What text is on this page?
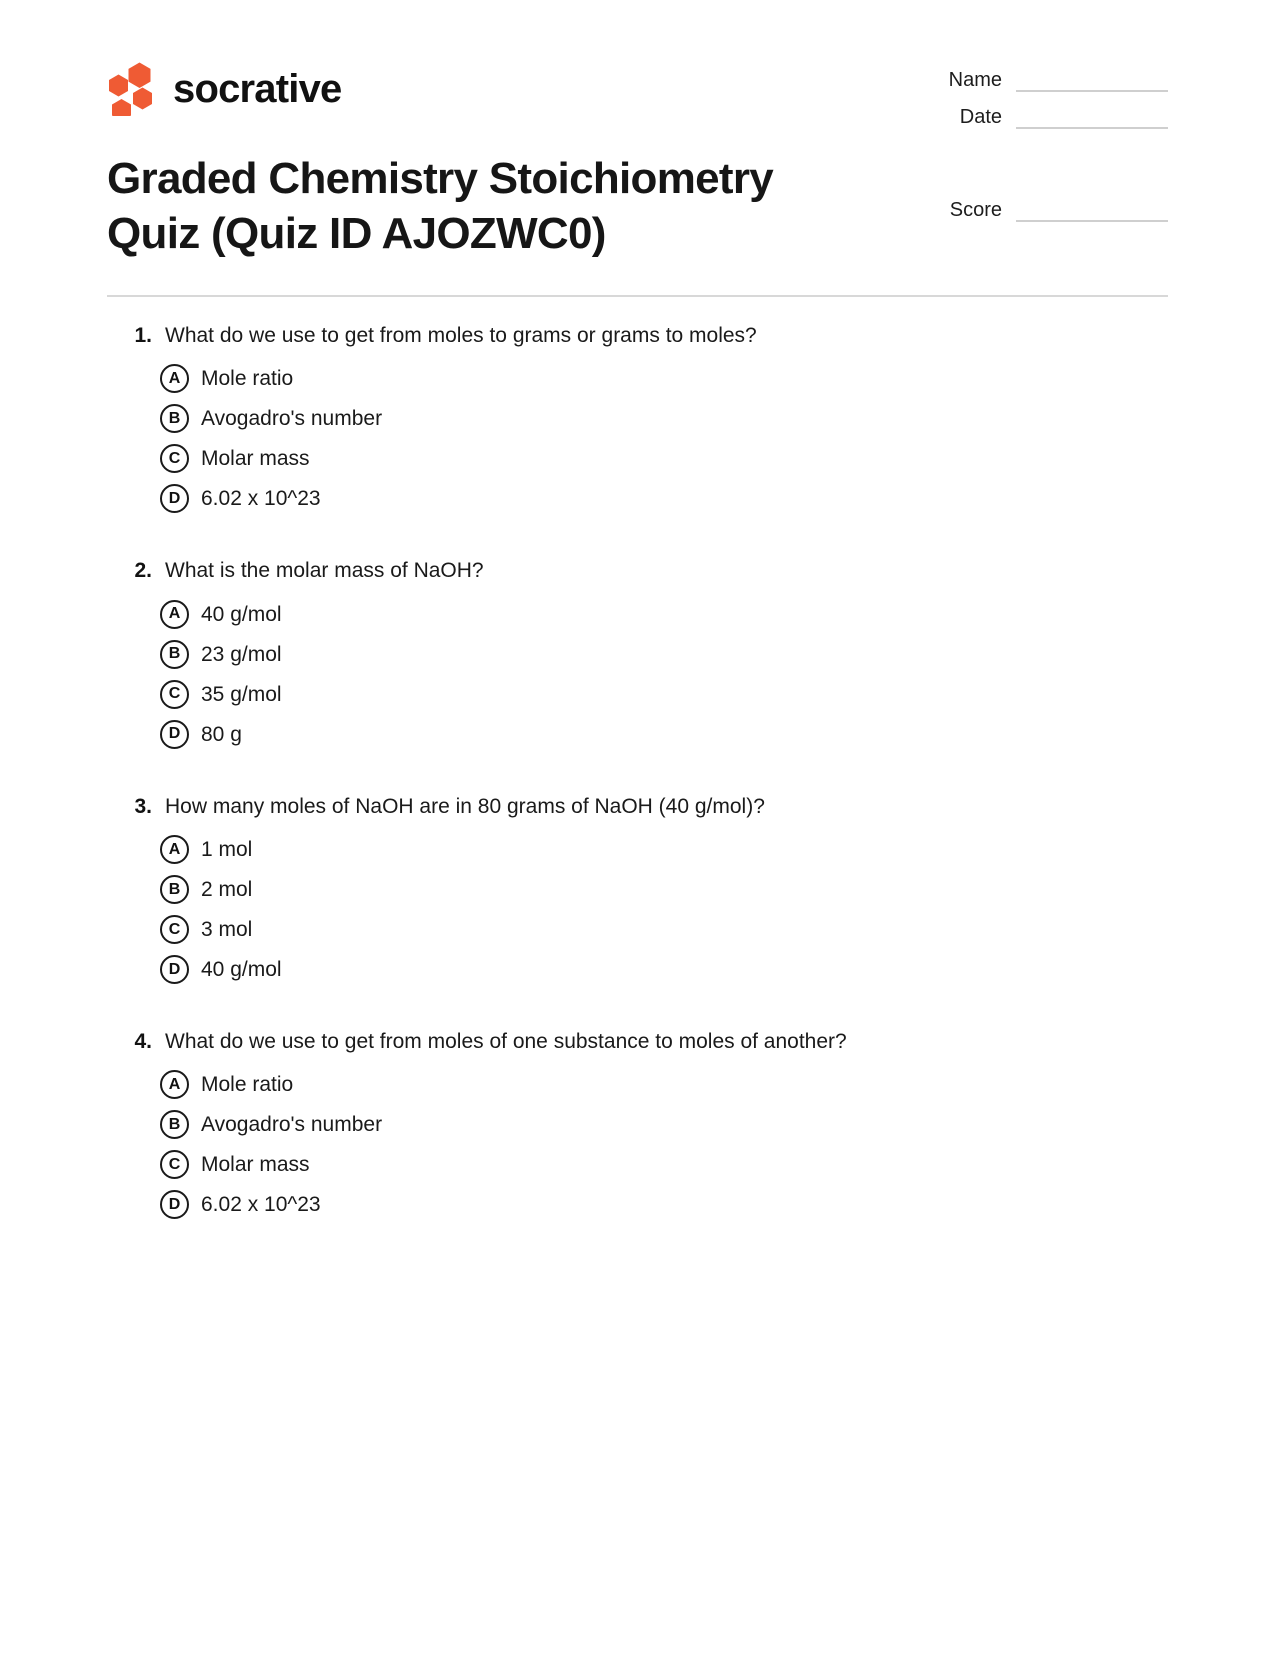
socrative
Graded Chemistry Stoichiometry Quiz (Quiz ID AJOZWC0)
Name
Date
Score
1. What do we use to get from moles to grams or grams to moles?
A Mole ratio
B Avogadro's number
C Molar mass
D 6.02 x 10^23
2. What is the molar mass of NaOH?
A 40 g/mol
B 23 g/mol
C 35 g/mol
D 80 g
3. How many moles of NaOH are in 80 grams of NaOH (40 g/mol)?
A 1 mol
B 2 mol
C 3 mol
D 40 g/mol
4. What do we use to get from moles of one substance to moles of another?
A Mole ratio
B Avogadro's number
C Molar mass
D 6.02 x 10^23
